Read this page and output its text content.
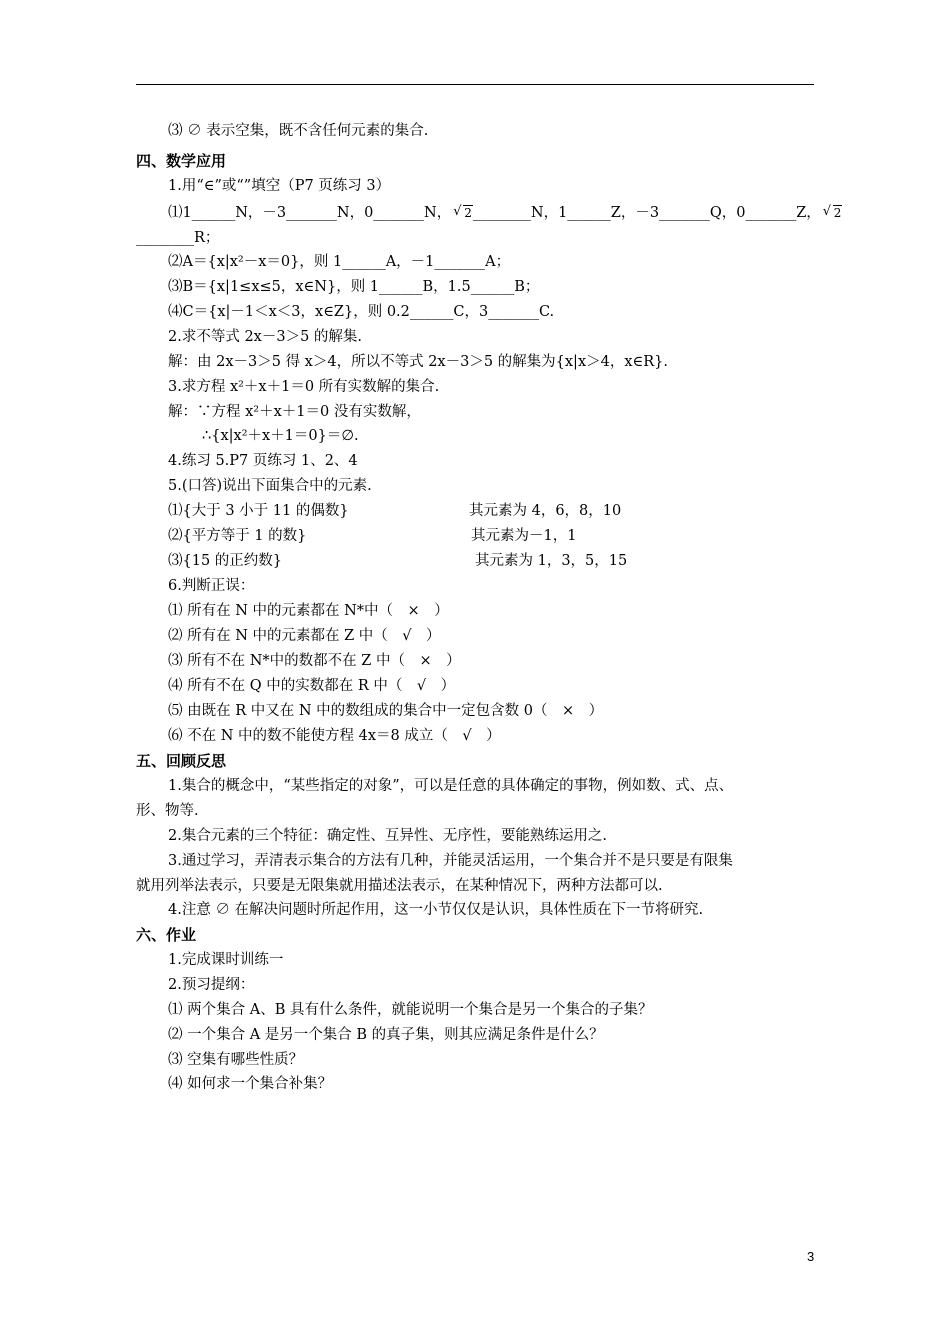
⑶ ∅ 表示空集，既不含任何元素的集合.
四、数学应用
1.用“∈”或“”填空（P7 页练习 3）
⑴1______N，－3_______N，0_______N， √ 2________N，1______Z，－3_______Q，0_______Z， √ 2
________R；
⑵A＝{x|x²－x＝0}，则 1______A，－1_______A；
⑶B＝{x|1≤x≤5，x∈N}，则 1______B，1.5______B；
⑷C＝{x|－1＜x＜3，x∈Z}，则 0.2______C，3_______C.
2.求不等式 2x－3＞5 的解集.
解：由 2x－3＞5 得 x＞4，所以不等式 2x－3＞5 的解集为{x|x＞4，x∈R}.
3.求方程 x²＋x＋1＝0 所有实数解的集合.
解：∵方程 x²＋x＋1＝0 没有实数解，
∴{x|x²＋x＋1＝0}＝∅.
4.练习 5.P7 页练习 1、2、4
5.(口答)说出下面集合中的元素.
⑴{大于 3 小于 11 的偶数}	其元素为 4，6，8，10
⑵{平方等于 1 的数}	其元素为－1，1
⑶{15 的正约数}	其元素为 1，3，5，15
6.判断正误：
⑴ 所有在 N 中的元素都在 N*中（　×　）
⑵ 所有在 N 中的元素都在 Z 中（　√　）
⑶ 所有不在 N*中的数都不在 Z 中（　×　）
⑷ 所有不在 Q 中的实数都在 R 中（　√　）
⑸ 由既在 R 中又在 N 中的数组成的集合中一定包含数 0（　×　）
⑹ 不在 N 中的数不能使方程 4x＝8 成立（　√　）
五、回顾反思
1.集合的概念中，“某些指定的对象”，可以是任意的具体确定的事物，例如数、式、点、
形、物等.
2.集合元素的三个特征：确定性、互异性、无序性，要能熟练运用之.
3.通过学习，弄清表示集合的方法有几种，并能灵活运用，一个集合并不是只要是有限集
就用列举法表示，只要是无限集就用描述法表示，在某种情况下，两种方法都可以.
4.注意 ∅ 在解决问题时所起作用，这一小节仅仅是认识，具体性质在下一节将研究.
六、作业
1.完成课时训练一
2.预习提纲：
⑴ 两个集合 A、B 具有什么条件，就能说明一个集合是另一个集合的子集？
⑵ 一个集合 A 是另一个集合 B 的真子集，则其应满足条件是什么？
⑶ 空集有哪些性质？
⑷ 如何求一个集合补集？
3
